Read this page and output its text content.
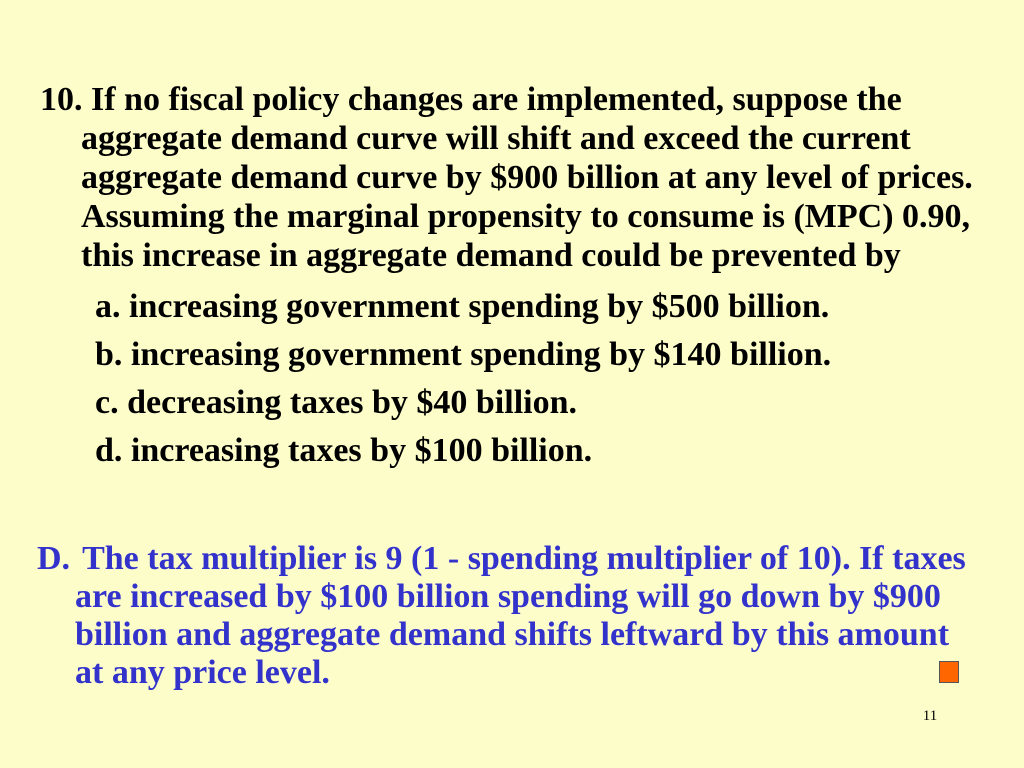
10. If no fiscal policy changes are implemented, suppose the aggregate demand curve will shift and exceed the current aggregate demand curve by $900 billion at any level of prices. Assuming the marginal propensity to consume is (MPC) 0.90, this increase in aggregate demand could be prevented by
a. increasing government spending by $500 billion.
b. increasing government spending by $140 billion.
c. decreasing taxes by $40 billion.
d. increasing taxes by $100 billion.
D. The tax multiplier is 9 (1 - spending multiplier of 10). If taxes are increased by $100 billion spending will go down by $900 billion and aggregate demand shifts leftward by this amount at any price level.
11
